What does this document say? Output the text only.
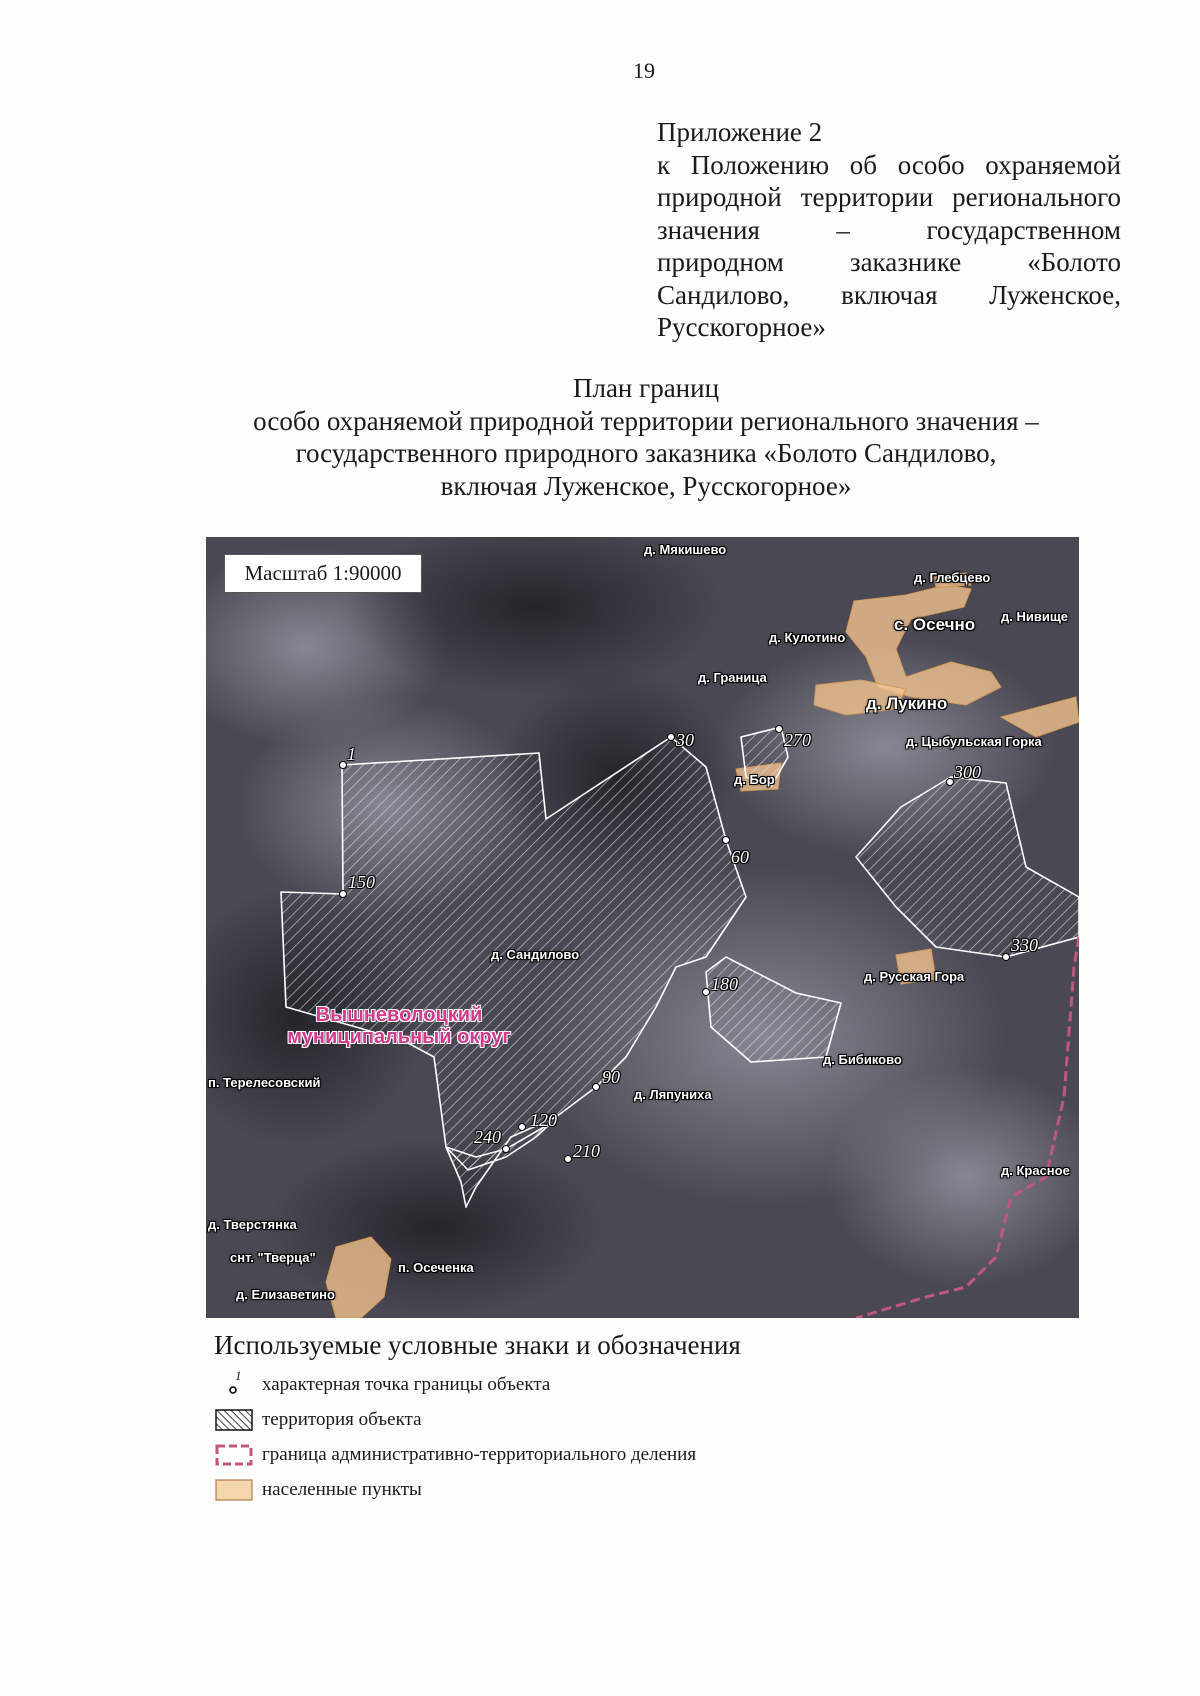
19
Приложение 2
к Положению об особо охраняемой
природной территории регионального
значения – государственном
природном заказнике «Болото
Сандилово, включая Луженское,
Русскогорное»
План границ
особо охраняемой природной территории регионального значения –
государственного природного заказника «Болото Сандилово,
включая Луженское, Русскогорное»
Масштаб 1:90000
д. Мякишево
д. Глебцево
с. Осечно д. Нивище
д. Кулотино
д. Граница
д. Лукино
д. Цыбульская Горка
д. Бор
д. Сандилово
д. Русская Гора
д. Бибиково
п. Терелесовский
д. Ляпуниха
д. Красное
д. Тверстянка
снт. "Тверца"
п. Осеченка
д. Елизаветино
Вышневолоцкий
муниципальный округ
1
30	270
300
60
150
330
180
90
120
240
210
Используемые условные знаки и обозначения
1 характерная точка границы объекта
территория объекта
граница административно-территориального деления
населенные пункты
